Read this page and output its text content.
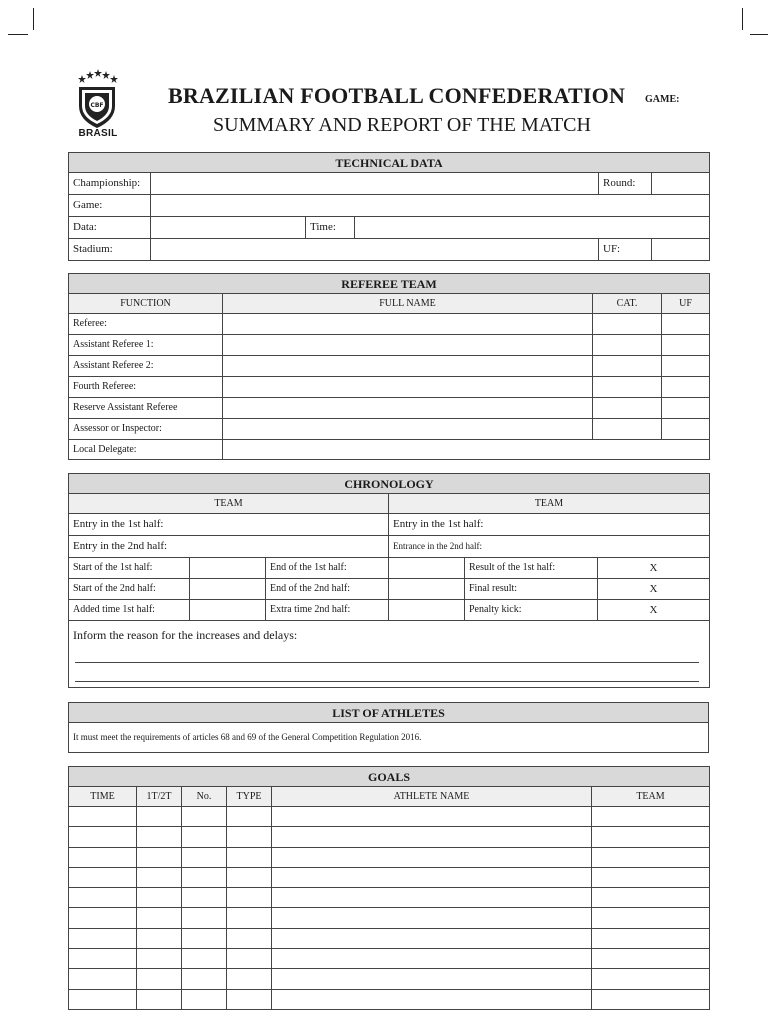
CBF
BRASIL
BRAZILIAN FOOTBALL CONFEDERATION GAME:
SUMMARY AND REPORT OF THE MATCH
TECHNICAL DATA					
Championship:				Round:	
Game:					
Data:		Time:			
Stadium:				UF:	
REFEREE TEAM			
FUNCTION	FULL NAME	CAT.	UF
Referee:			
Assistant Referee 1:			
Assistant Referee 2:			
Fourth Referee:			
Reserve Assistant Referee			
Assessor or Inspector:			
Local Delegate:			
CHRONOLOGY					
TEAM			TEAM		
Entry in the 1st half:			Entry in the 1st half:		
Entry in the 2nd half:			Entrance in the 2nd half:		
Start of the 1st half:		End of the 1st half:		Result of the 1st half:	X
Start of the 2nd half:		End of the 2nd half:		Final result:	X
Added time 1st half:		Extra time 2nd half:		Penalty kick:	X

Inform the reason for the increases and delays:					
LIST OF ATHLETES
It must meet the requirements of articles 68 and 69 of the General Competition Regulation 2016.
GOALS					
TIME	1T/2T	No.	TYPE	ATHLETE NAME	TEAM
